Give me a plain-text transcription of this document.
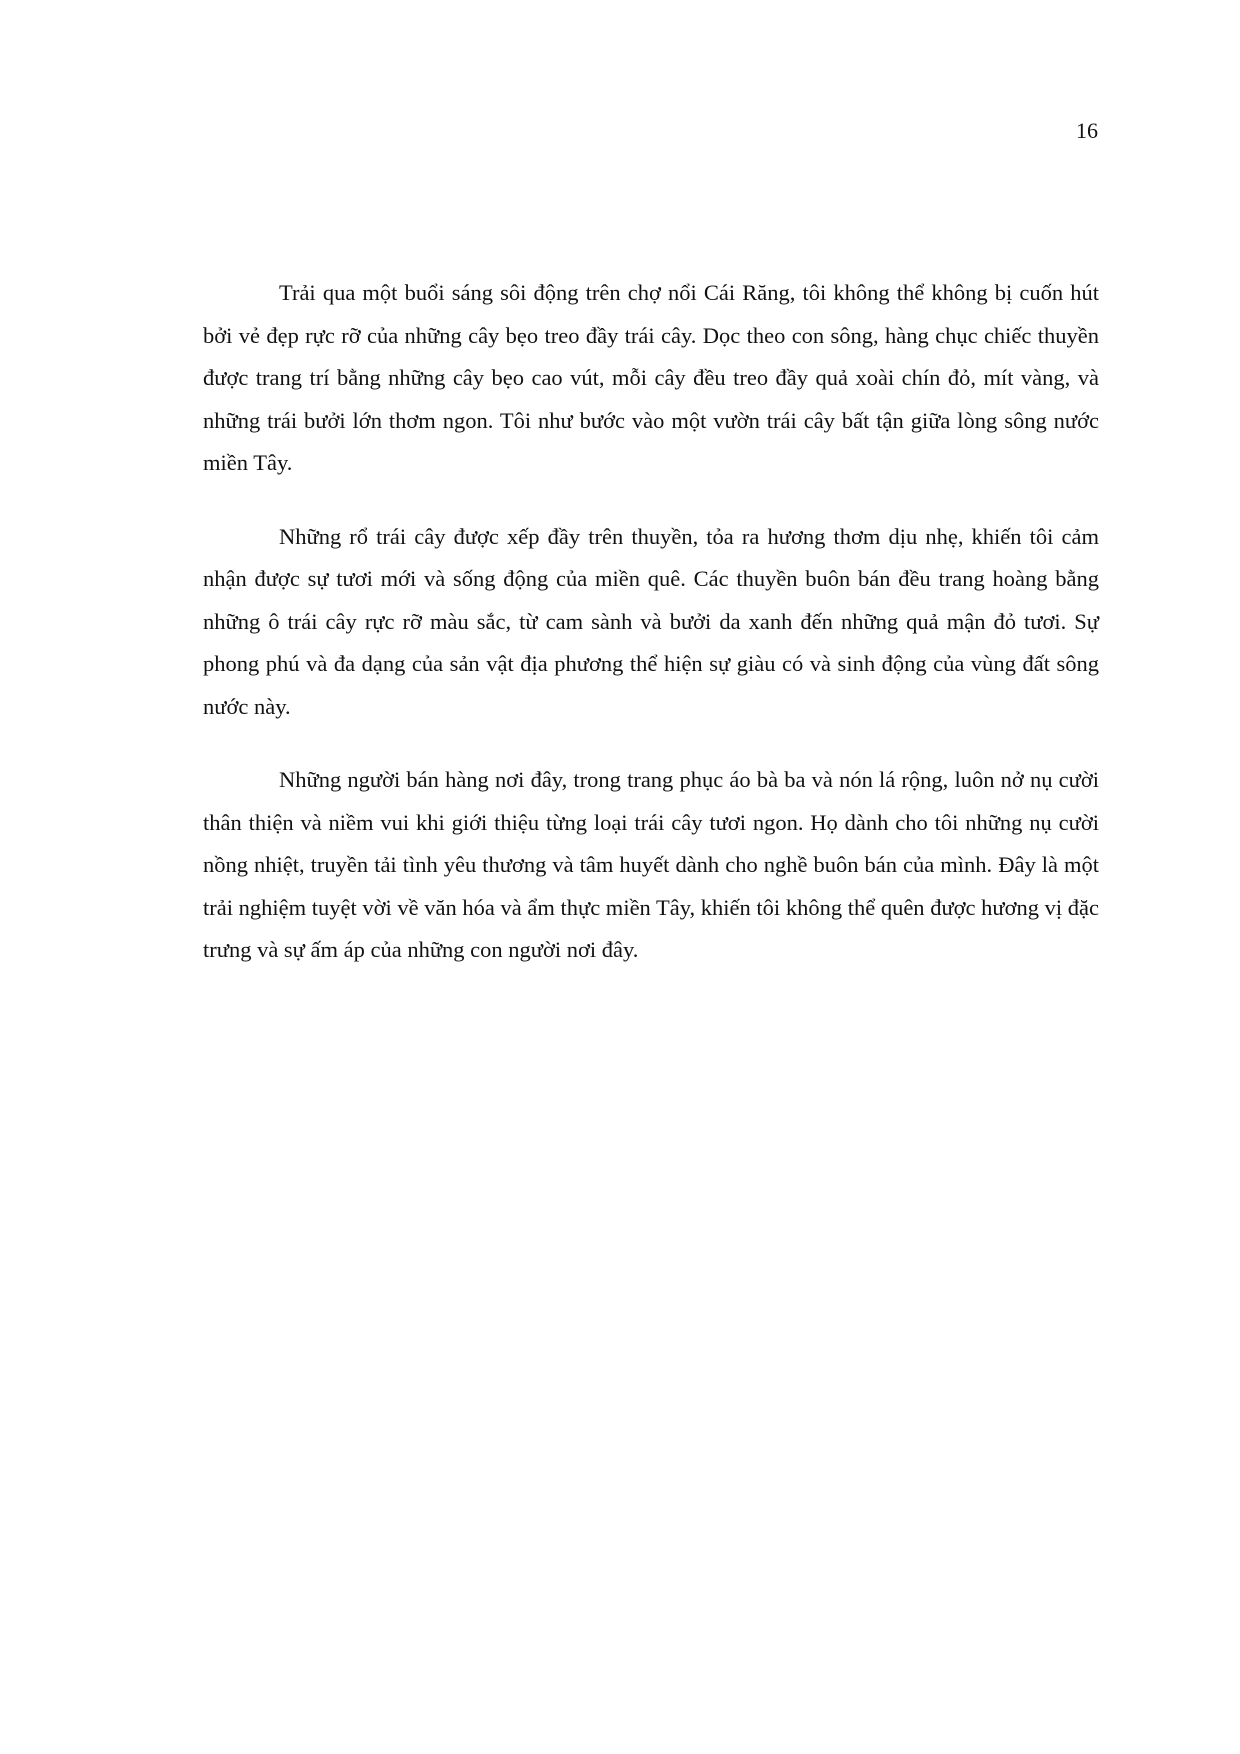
16

Trải qua một buổi sáng sôi động trên chợ nổi Cái Răng, tôi không thể không bị cuốn hút bởi vẻ đẹp rực rỡ của những cây bẹo treo đầy trái cây. Dọc theo con sông, hàng chục chiếc thuyền được trang trí bằng những cây bẹo cao vút, mỗi cây đều treo đầy quả xoài chín đỏ, mít vàng, và những trái bưởi lớn thơm ngon. Tôi như bước vào một vườn trái cây bất tận giữa lòng sông nước miền Tây.

Những rổ trái cây được xếp đầy trên thuyền, tỏa ra hương thơm dịu nhẹ, khiến tôi cảm nhận được sự tươi mới và sống động của miền quê. Các thuyền buôn bán đều trang hoàng bằng những ô trái cây rực rỡ màu sắc, từ cam sành và bưởi da xanh đến những quả mận đỏ tươi. Sự phong phú và đa dạng của sản vật địa phương thể hiện sự giàu có và sinh động của vùng đất sông nước này.

Những người bán hàng nơi đây, trong trang phục áo bà ba và nón lá rộng, luôn nở nụ cười thân thiện và niềm vui khi giới thiệu từng loại trái cây tươi ngon. Họ dành cho tôi những nụ cười nồng nhiệt, truyền tải tình yêu thương và tâm huyết dành cho nghề buôn bán của mình. Đây là một trải nghiệm tuyệt vời về văn hóa và ẩm thực miền Tây, khiến tôi không thể quên được hương vị đặc trưng và sự ấm áp của những con người nơi đây.
